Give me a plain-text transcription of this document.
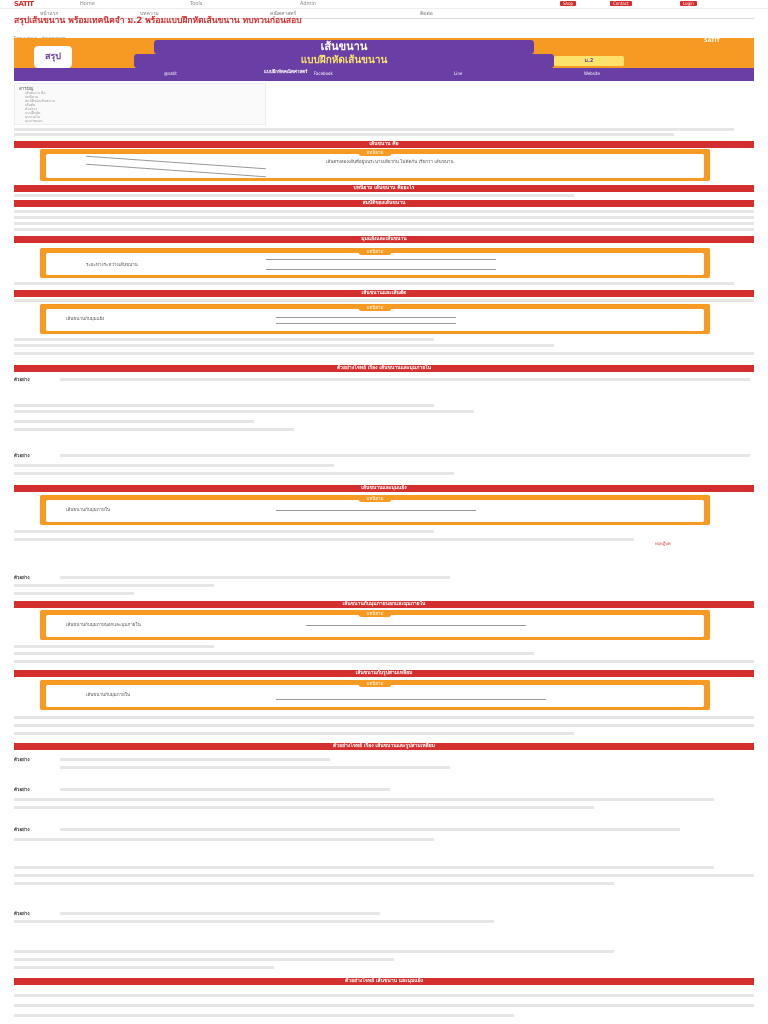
SATIT	Home	Tools	Admin	Shop	Contact	Login
หน้าแรก	บทความ	คณิตศาสตร์	ติดต่อ
สรุปเส้นขนาน พร้อมเทคนิคจำ ม.2 พร้อมแบบฝึกหัดเส้นขนาน ทบทวนก่อนสอบ
สรุป
เส้นขนาน
แบบฝึกหัดเส้นขนาน	ม.2
SATIT
แบบฝึกหัดคณิตศาสตร์
@satit	Facebook	Line	Website
สารบัญ
เส้นขนาน คือ
บทนิยาม
สมบัติของเส้นขนาน
เส้นตัด
ตัวอย่าง
แบบฝึกหัด
มุมภายใน
มุมภายนอก
เส้นขนาน คือ
เส้นตรงสองเส้นที่อยู่บนระนาบเดียวกัน ไม่ตัดกัน เรียกว่า เส้นขนาน
บทนิยาม
บทนิยาม เส้นขนาน คืออะไร
สมบัติของเส้นขนาน
มุมแย้งและเส้นขนาน
ระยะห่างระหว่างเส้นขนาน
บทนิยาม
เส้นขนานและเส้นตัด
เส้นขนานกับมุมแย้ง
บทนิยาม
ตัวอย่างโจทย์ เรื่อง เส้นขนานและมุมภายใน
ตัวอย่าง
ตัวอย่าง
เส้นขนานและมุมแย้ง
เส้นขนานกับมุมภายใน
บทนิยาม
ทฤษฎีบท
ตัวอย่าง
เส้นขนานกับมุมภายนอกและมุมภายใน
เส้นขนานกับมุมภายนอกและมุมภายใน
บทนิยาม
เส้นขนานกับรูปสามเหลี่ยม
เส้นขนานกับมุมภายใน
บทนิยาม
ตัวอย่างโจทย์ เรื่อง เส้นขนานและรูปสามเหลี่ยม
ตัวอย่าง
ตัวอย่าง
ตัวอย่าง
ตัวอย่าง
ตัวอย่างโจทย์ เส้นขนาน และมุมแย้ง
